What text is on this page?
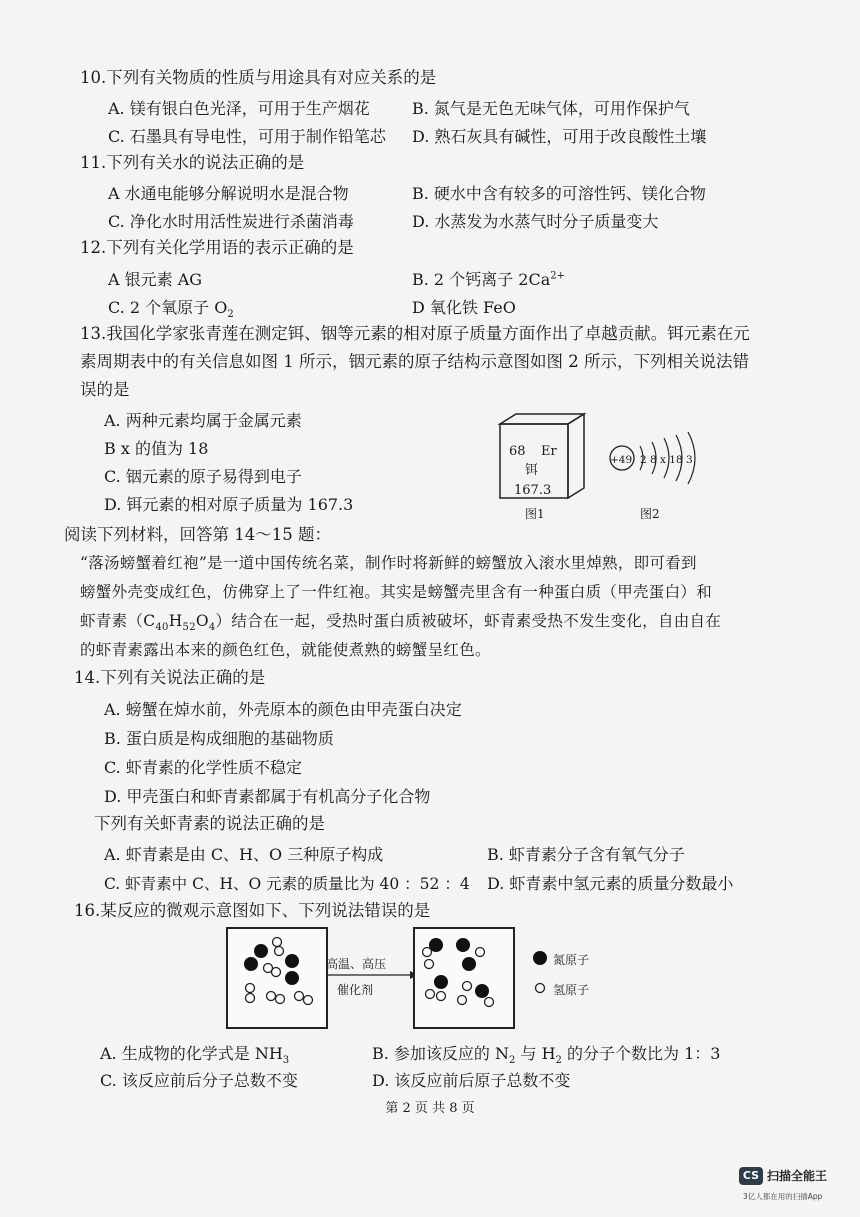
10.下列有关物质的性质与用途具有对应关系的是
A. 镁有银白色光泽，可用于生产烟花	B. 氮气是无色无味气体，可用作保护气
C. 石墨具有导电性，可用于制作铅笔芯 D. 熟石灰具有碱性，可用于改良酸性土壤
11.下列有关水的说法正确的是
A 水通电能够分解说明水是混合物	B. 硬水中含有较多的可溶性钙、镁化合物
C. 净化水时用活性炭进行杀菌消毒	D. 水蒸发为水蒸气时分子质量变大
12.下列有关化学用语的表示正确的是
A 银元素 AG	B. 2 个钙离子 $2Ca^{2+}$
C. 2 个氧原子 $O_2$	D 氧化铁 FeO
13.我国化学家张青莲在测定铒、铟等元素的相对原子质量方面作出了卓越贡献。铒元素在元
素周期表中的有关信息如图 1 所示，铟元素的原子结构示意图如图 2 所示，下列相关说法错
误的是
A. 两种元素均属于金属元素
B x 的值为 18
C. 铟元素的原子易得到电子
D. 铒元素的相对原子质量为 167.3
68 Er
铒
167.3
图1
+49 2 8 x 18 3
图2
阅读下列材料，回答第 14～15 题：
“落汤螃蟹着红袍”是一道中国传统名菜，制作时将新鲜的螃蟹放入滚水里焯熟，即可看到
螃蟹外壳变成红色，仿佛穿上了一件红袍。其实是螃蟹壳里含有一种蛋白质（甲壳蛋白）和
虾青素$(C_{40}H_{52}O_4)$结合在一起，受热时蛋白质被破坏，虾青素受热不发生变化，自由自在
的虾青素露出本来的颜色红色，就能使煮熟的螃蟹呈红色。
14.下列有关说法正确的是
A. 螃蟹在焯水前，外壳原本的颜色由甲壳蛋白决定
B. 蛋白质是构成细胞的基础物质
C. 虾青素的化学性质不稳定
D. 甲壳蛋白和虾青素都属于有机高分子化合物
下列有关虾青素的说法正确的是
A. 虾青素是由 C、H、O 三种原子构成	B. 虾青素分子含有氧气分子
C. 虾青素中 C、H、O 元素的质量比为 40 ：52 ：4 D. 虾青素中氢元素的质量分数最小
16.某反应的微观示意图如下、下列说法错误的是
高温、高压
催化剂
氮原子
氢原子
A. 生成物的化学式是 $NH_3$	B. 参加该反应的 $N_2$ 与 $H_2$ 的分子个数比为 1：3
C. 该反应前后分子总数不变	D. 该反应前后原子总数不变
第 2 页 共 8 页
CS 扫描全能王
3亿人都在用的扫描App
